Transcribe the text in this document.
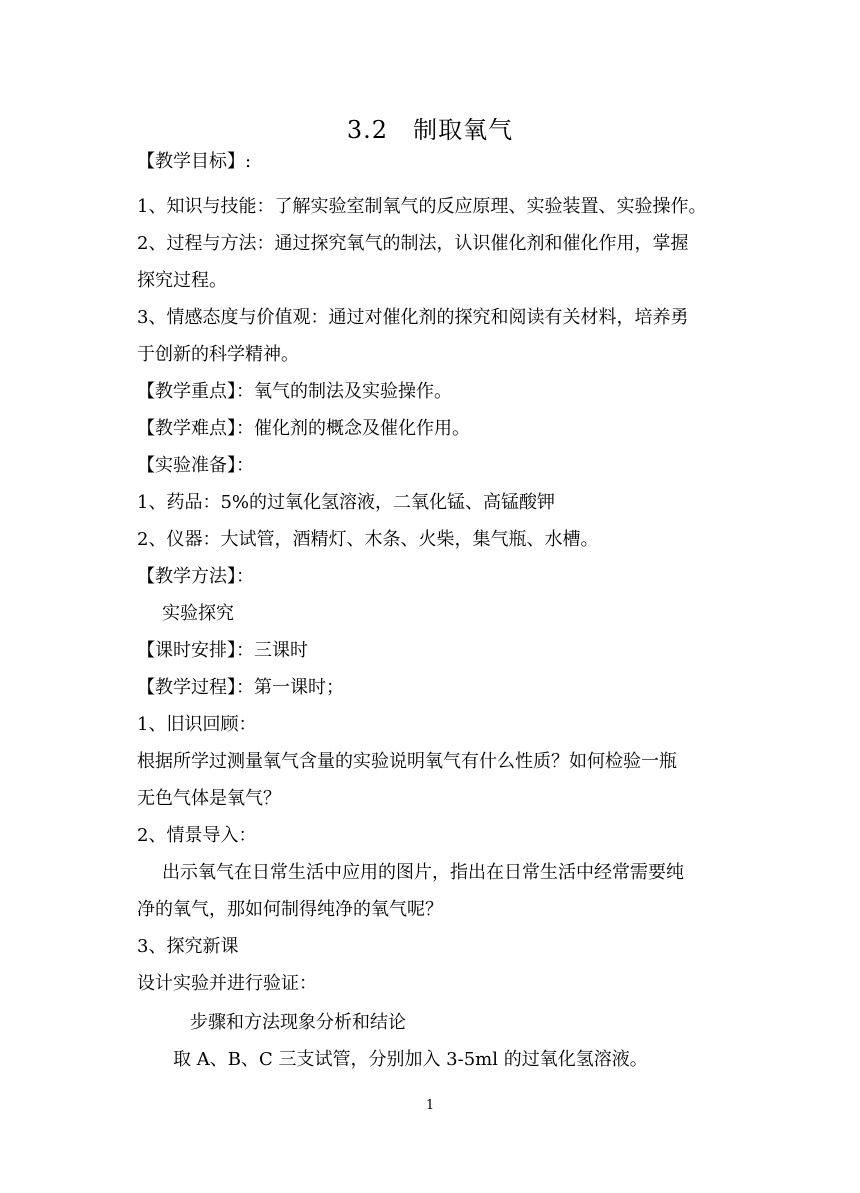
3.2　制取氧气
【教学目标】:
1、知识与技能：了解实验室制氧气的反应原理、实验装置、实验操作。
2、过程与方法：通过探究氧气的制法，认识催化剂和催化作用，掌握
探究过程。
3、情感态度与价值观：通过对催化剂的探究和阅读有关材料，培养勇
于创新的科学精神。
【教学重点】：氧气的制法及实验操作。
【教学难点】：催化剂的概念及催化作用。
【实验准备】：
1、药品：5%的过氧化氢溶液，二氧化锰、高锰酸钾
2、仪器：大试管，酒精灯、木条、火柴，集气瓶、水槽。
【教学方法】：
实验探究
【课时安排】：三课时
【教学过程】：第一课时；
1、旧识回顾：
根据所学过测量氧气含量的实验说明氧气有什么性质？如何检验一瓶
无色气体是氧气？
2、情景导入：
出示氧气在日常生活中应用的图片，指出在日常生活中经常需要纯
净的氧气，那如何制得纯净的氧气呢？
3、探究新课
设计实验并进行验证：
步骤和方法现象分析和结论
取 A、B、C 三支试管，分别加入 3-5ml 的过氧化氢溶液。
1
